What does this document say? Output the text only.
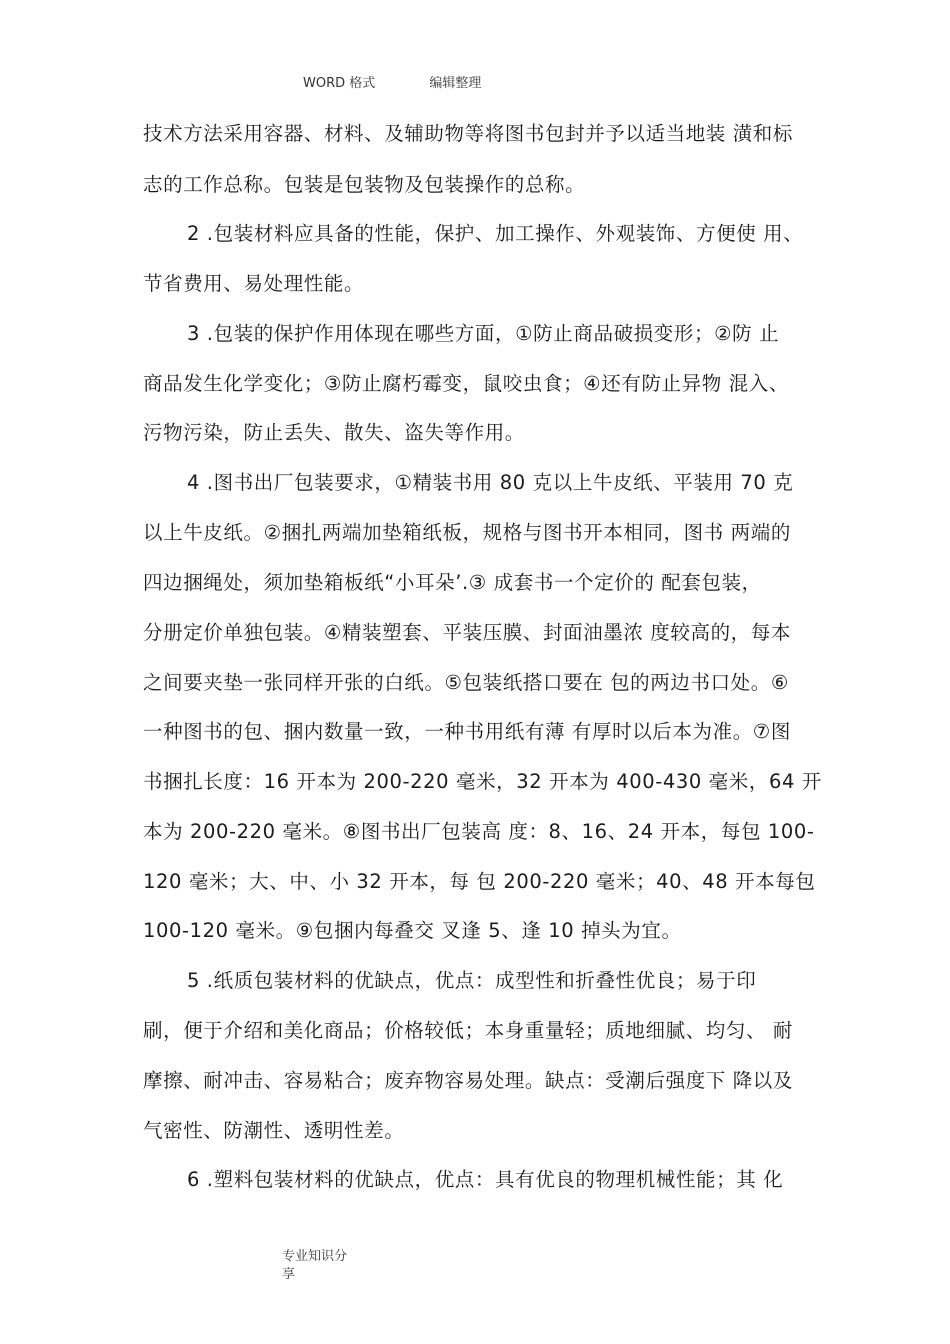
WORD 格式	编辑整理
技术方法采用容器、材料、及辅助物等将图书包封并予以适当地装 潢和标
志的工作总称。包装是包装物及包装操作的总称。
2 .包装材料应具备的性能，保护、加工操作、外观装饰、方便使 用、
节省费用、易处理性能。
3 .包装的保护作用体现在哪些方面，①防止商品破损变形；②防 止
商品发生化学变化；③防止腐朽霉变，鼠咬虫食；④还有防止异物 混入、
污物污染，防止丢失、散失、盗失等作用。
4 .图书出厂包装要求，①精装书用 80 克以上牛皮纸、平装用 70 克
以上牛皮纸。②捆扎两端加垫箱纸板，规格与图书开本相同，图书 两端的
四边捆绳处，须加垫箱板纸“小耳朵’.③ 成套书一个定价的 配套包装，
分册定价单独包装。④精装塑套、平装压膜、封面油墨浓 度较高的，每本
之间要夹垫一张同样开张的白纸。⑤包装纸搭口要在 包的两边书口处。⑥
一种图书的包、捆内数量一致，一种书用纸有薄 有厚时以后本为准。⑦图
书捆扎长度：16 开本为 200-220 毫米，32 开本为 400-430 毫米，64 开
本为 200-220 毫米。⑧图书出厂包装高 度：8、16、24 开本，每包 100-
120 毫米；大、中、小 32 开本，每 包 200-220 毫米；40、48 开本每包
100-120 毫米。⑨包捆内每叠交 叉逢 5、逢 10 掉头为宜。
5 .纸质包装材料的优缺点，优点：成型性和折叠性优良；易于印
刷，便于介绍和美化商品；价格较低；本身重量轻；质地细腻、均匀、 耐
摩擦、耐冲击、容易粘合；废弃物容易处理。缺点：受潮后强度下 降以及
气密性、防潮性、透明性差。
6 .塑料包装材料的优缺点，优点：具有优良的物理机械性能；其 化
专业知识分享
